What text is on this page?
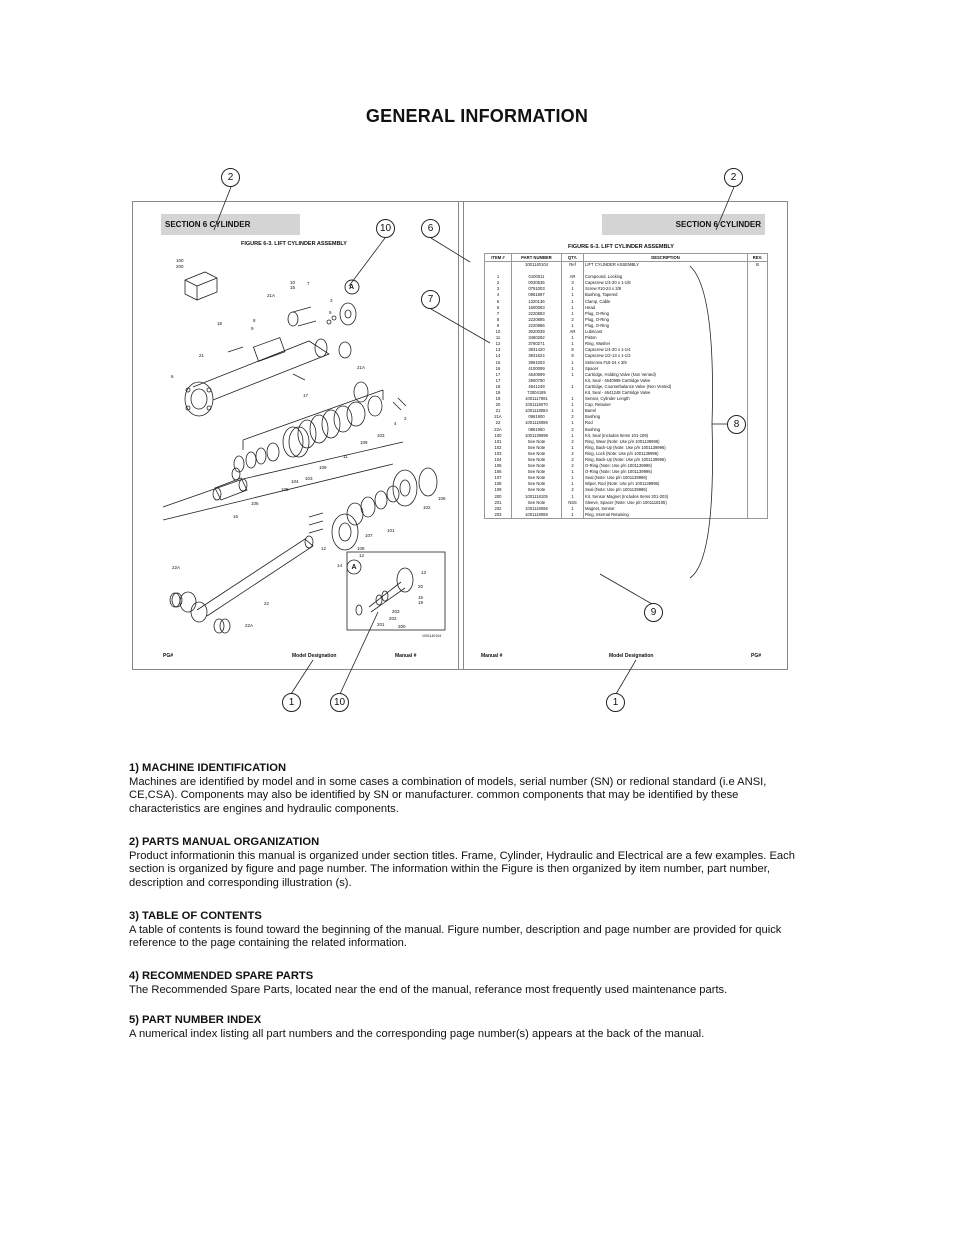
GENERAL INFORMATION
SECTION 6 CYLINDER
FIGURE 6-3. LIFT CYLINDER ASSEMBLY
100
200
10
15
7
3
21A
18
8
9
5
21
6
17
21A
4
2
103
11
109
109
104
105
106
103
108
106
102
16
107
101
12
14
22A
22
22A
12
13
20
16
19
203
202
201	200
1001140104
A
A
PG#	Model Designation	Manual #
SECTION 6 CYLINDER
FIGURE 6-3. LIFT CYLINDER ASSEMBLY
ITEM #	PART NUMBER	QTY.	DESCRIPTION	REV.
	1001140104	Ref	LIFT CYLINDER ASSEMBLY	B

1	0100011	AR	Compound, Locking	
2	0030535	3	Capscrew 1/4-20 x 1-1/8	
3	0791003	1	Screw #10-24 x 3/8	
4	0961897	1	Bushing, Tapered	
5	1320136	1	Clamp, Cable	
6	1600063	1	Head	
7	2220883	1	Plug, O-Ring	
8	2220885	2	Plug, O-Ring	
9	2220886	1	Plug, O-Ring	
10	3020039	AR	Lubricant	
11	3460282	1	Piston	
12	3760271	1	Ring, Washer	
13	3931420	8	Capscrew 1/4-20 x 1-1/4	
14	3931624	8	Capscrew 1/2-13 x 1-1/2	
15	3961003	1	Setscrew #10-24 x 3/8	
16	4100099	1	Spacer	
17	4640999	1	Cartridge, Holding Valve (Non Vented)	
17	2900790		Kit, Seal - 4640999 Cartridge Valve	
18	4641248	1	Cartridge, Counterbalance Valve (Non Vented)	
18	73004189		Kit, Seal - 4641248 Cartridge Valve	
19	1001117991	1	Sensor, Cylinder Length	
20	1001118070	1	Cap, Retainer	
21	1001118084	1	Barrel	
21A	0961900	2	Bushing	
22	1001118086	1	Rod	
22A	0961950	2	Bushing	
100	1001139996	1	Kit, Seal (Includes Items 101-109)	
101	See Note	2	Ring, Wear (Note: Use p/n 1001139996)	
102	See Note	1	Ring, Back-Up (Note: Use p/n 1001139996)	
103	See Note	2	Ring, Lock (Note: Use p/n 1001139996)	
104	See Note	2	Ring, Back-Up (Note: Use p/n 1001139996)	
105	See Note	2	O-Ring (Note: Use p/n 1001139996)	
106	See Note	1	O-Ring (Note: Use p/n 1001139996)	
107	See Note	1	Seal (Note: Use p/n 1001139996)	
108	See Note	1	Wiper, Rod (Note: Use p/n 1001139996)	
109	See Note	2	Seal (Note: Use p/n 1001139996)	
200	1001118105	1	Kit, Sensor Magnet (Includes Items 201-203)	
201	See Note	NSS	Sleeve, Spacer (Note: Use p/n 1001118105)	
202	1001118066	1	Magnet, Sensor	
203	1001118068	1	Ring, Internal Retaining	
Manual #	Model Designation	PG#
2	2
10	6
7
8
9
1	10	1
1) MACHINE IDENTIFICATION

Machines are identified by model and in some cases a combination of models, serial number (SN) or redional standard (i.e ANSI, CE,CSA). Components may also be identified by SN or manufacturer. common components that may be identified by these characteristics are engines and hydraulic components.

2) PARTS MANUAL ORGANIZATION

Product informationin this manual is organized under section titles. Frame, Cylinder, Hydraulic and Electrical are a few examples. Each section is organized by figure and page number. The information within the Figure is then organized by item number, part number, description and corresponding illustration (s).

3) TABLE OF CONTENTS

A table of contents is found toward the beginning of the manual. Figure number, description and page number are provided for quick reference to the page containing the related information.

4) RECOMMENDED SPARE PARTS

The Recommended Spare Parts, located near the end of the manual, referance most frequently used maintenance parts.

5) PART NUMBER INDEX

A numerical index listing all part numbers and the corresponding page number(s) appears at the back of the manual.
